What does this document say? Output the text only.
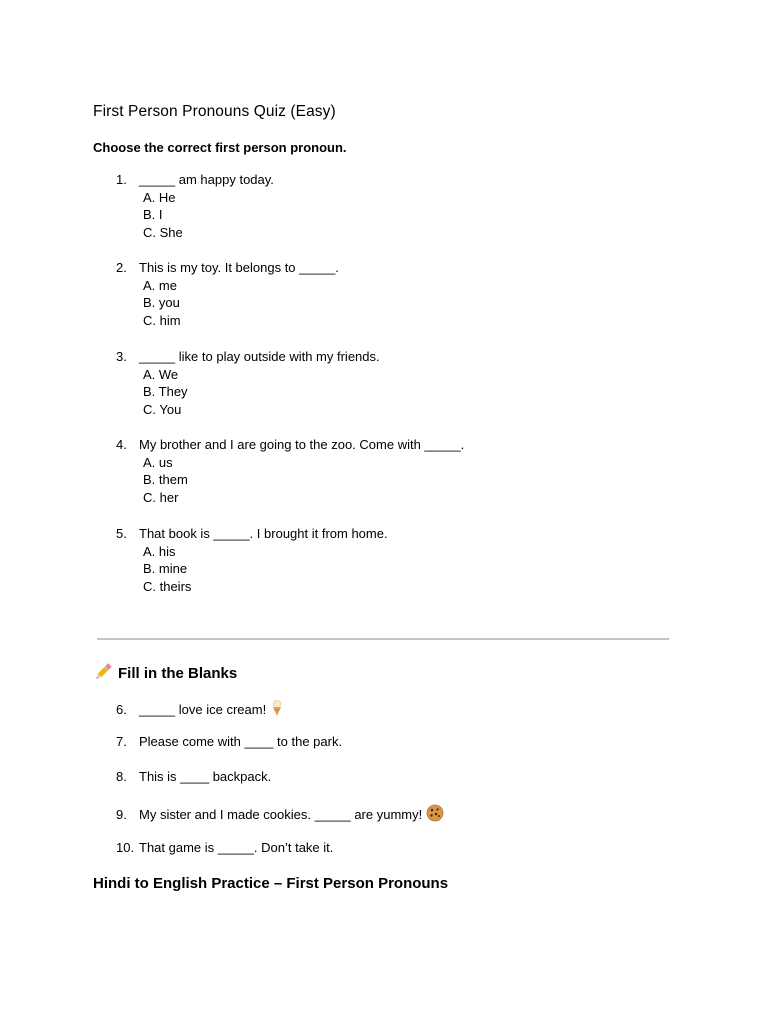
First Person Pronouns Quiz (Easy)
Choose the correct first person pronoun.
1. _____ am happy today.
A. He
B. I
C. She
2. This is my toy. It belongs to _____.
A. me
B. you
C. him
3. _____ like to play outside with my friends.
A. We
B. They
C. You
4. My brother and I are going to the zoo. Come with _____.
A. us
B. them
C. her
5. That book is _____. I brought it from home.
A. his
B. mine
C. theirs
Fill in the Blanks
6. _____ love ice cream!
7. Please come with ____ to the park.
8. This is ____ backpack.
9. My sister and I made cookies. _____ are yummy!
10. That game is _____. Don’t take it.
Hindi to English Practice – First Person Pronouns
